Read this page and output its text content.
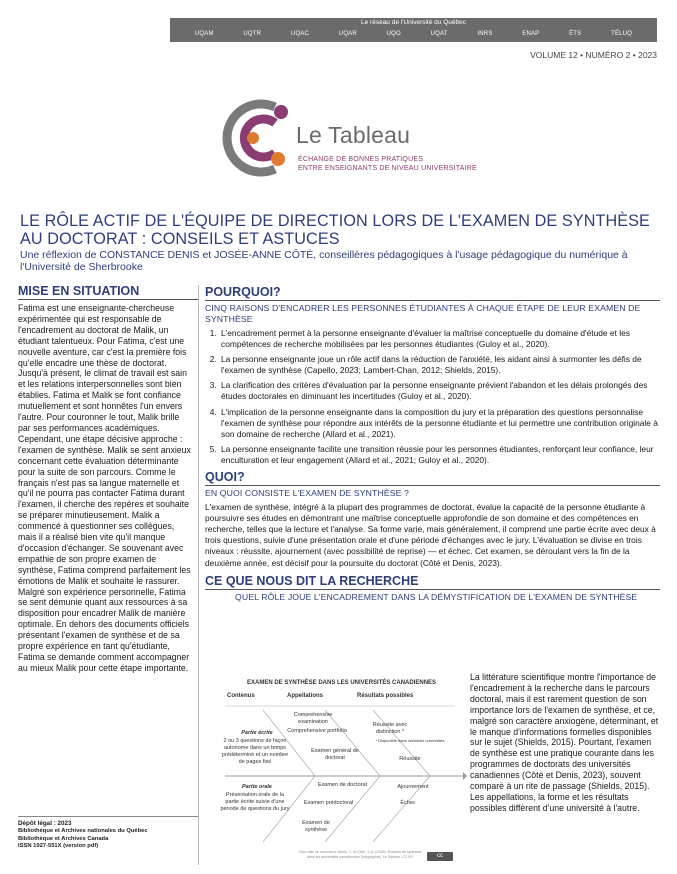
Le réseau de l'Université du Québec
UQAM	UQTR	UQAC	UQAR	UQO	UQAT	INRS	ENAP	ÉTS	TÉLUQ
VOLUME 12 • NUMÉRO 2 • 2023
Le Tableau
ÉCHANGE DE BONNES PRATIQUES
ENTRE ENSEIGNANTS DE NIVEAU UNIVERSITAIRE
LE RÔLE ACTIF DE L'ÉQUIPE DE DIRECTION LORS DE L'EXAMEN DE SYNTHÈSE
AU DOCTORAT : CONSEILS ET ASTUCES
Une réflexion de CONSTANCE DENIS et JOSÉE-ANNE CÔTÉ, conseillères pédagogiques à l'usage pédagogique du numérique à l'Université de Sherbrooke
MISE EN SITUATION
Fatima est une enseignante-chercheuse expérimentée qui est responsable de l'encadrement au doctorat de Malik, un étudiant talentueux. Pour Fatima, c'est une nouvelle aventure, car c'est la première fois qu'elle encadre une thèse de doctorat. Jusqu'à présent, le climat de travail est sain et les relations interpersonnelles sont bien établies. Fatima et Malik se font confiance mutuellement et sont honnêtes l'un envers l'autre. Pour couronner le tout, Malik brille par ses performances académiques. Cependant, une étape décisive approche : l'examen de synthèse. Malik se sent anxieux concernant cette évaluation déterminante pour la suite de son parcours. Comme le français n'est pas sa langue maternelle et qu'il ne pourra pas contacter Fatima durant l'examen, il cherche des repères et souhaite se préparer minutieusement. Malik a commencé à questionner ses collègues, mais il a réalisé bien vite qu'il manque d'occasion d'échanger. Se souvenant avec empathie de son propre examen de synthèse, Fatima comprend parfaitement les émotions de Malik et souhaite le rassurer. Malgré son expérience personnelle, Fatima se sent démunie quant aux ressources à sa disposition pour encadrer Malik de manière optimale. En dehors des documents officiels présentant l'examen de synthèse et de sa propre expérience en tant qu'étudiante, Fatima se demande comment accompagner au mieux Malik pour cette étape importante.
Dépôt légal : 2023
Bibliothèque et Archives nationales du Québec
Bibliothèque et Archives Canada
ISSN 1927-551X (version pdf)
POURQUOI?
CINQ RAISONS D'ENCADRER LES PERSONNES ÉTUDIANTES À CHAQUE ÉTAPE DE LEUR EXAMEN DE SYNTHÈSE
1. L'encadrement permet à la personne enseignante d'évaluer la maîtrise conceptuelle du domaine d'étude et les compétences de recherche mobilisées par les personnes étudiantes (Guloy et al., 2020).
2. La personne enseignante joue un rôle actif dans la réduction de l'anxiété, les aidant ainsi à surmonter les défis de l'examen de synthèse (Capello, 2023; Lambert-Chan, 2012; Shields, 2015).
3. La clarification des critères d'évaluation par la personne enseignante prévient l'abandon et les délais prolongés des études doctorales en diminuant les incertitudes (Guloy et al., 2020).
4. L'implication de la personne enseignante dans la composition du jury et la préparation des questions personnalise l'examen de synthèse pour répondre aux intérêts de la personne étudiante et lui permettre une contribution originale à son domaine de recherche (Allard et al., 2021).
5. La personne enseignante facilite une transition réussie pour les personnes étudiantes, renforçant leur confiance, leur enculturation et leur engagement (Allard et al., 2021; Guloy et al., 2020).
QUOI?
EN QUOI CONSISTE L'EXAMEN DE SYNTHÈSE ?
L'examen de synthèse, intégré à la plupart des programmes de doctorat, évalue la capacité de la personne étudiante à poursuivre ses études en démontrant une maîtrise conceptuelle approfondie de son domaine et des compétences en recherche, telles que la lecture et l'analyse. Sa forme varie, mais généralement, il comprend une partie écrite avec deux à trois questions, suivie d'une présentation orale et d'une période d'échanges avec le jury. L'évaluation se divise en trois niveaux : réussite, ajournement (avec possibilité de reprise) — et échec. Cet examen, se déroulant vers la fin de la deuxième année, est décisif pour la poursuite du doctorat (Côté et Denis, 2023).
CE QUE NOUS DIT LA RECHERCHE
QUEL RÔLE JOUE L'ENCADREMENT DANS LA DÉMYSTIFICATION DE L'EXAMEN DE SYNTHÈSE
EXAMEN DE SYNTHÈSE DANS LES UNIVERSITÉS CANADIENNES
Contenus	Appellations	Résultats possibles
Partie écrite
2 ou 3 questions de façon autonome dans un temps prédéterminé et un nombre de pages fixé
Partie orale
Présentation orale de la partie écrite suivie d'une période de questions du jury
Comprehensive examination
Comprehensive portfolio
Examen général de doctorat
Examen de doctorat
Examen prédoctoral
Examen de synthèse
Réussite avec distinction *
* Disponible dans certaines universités
Réussite
Ajournement
Échec
Pour citer ce document: Denis, C. et Côté, J.-A. (2023). Examen de synthèse dans les universités canadiennes [Infographie]. Le Tableau. CC BY	cc
La littérature scientifique montre l'importance de l'encadrement à la recherche dans le parcours doctoral, mais il est rarement question de son importance lors de l'examen de synthèse, et ce, malgré son caractère anxiogène, déterminant, et le manque d'informations formelles disponibles sur le sujet (Shields, 2015). Pourtant, l'examen de synthèse est une pratique courante dans les programmes de doctorats des universités canadiennes (Côté et Denis, 2023), souvent comparé à un rite de passage (Shields, 2015). Les appellations, la forme et les résultats possibles diffèrent d'une université à l'autre.
